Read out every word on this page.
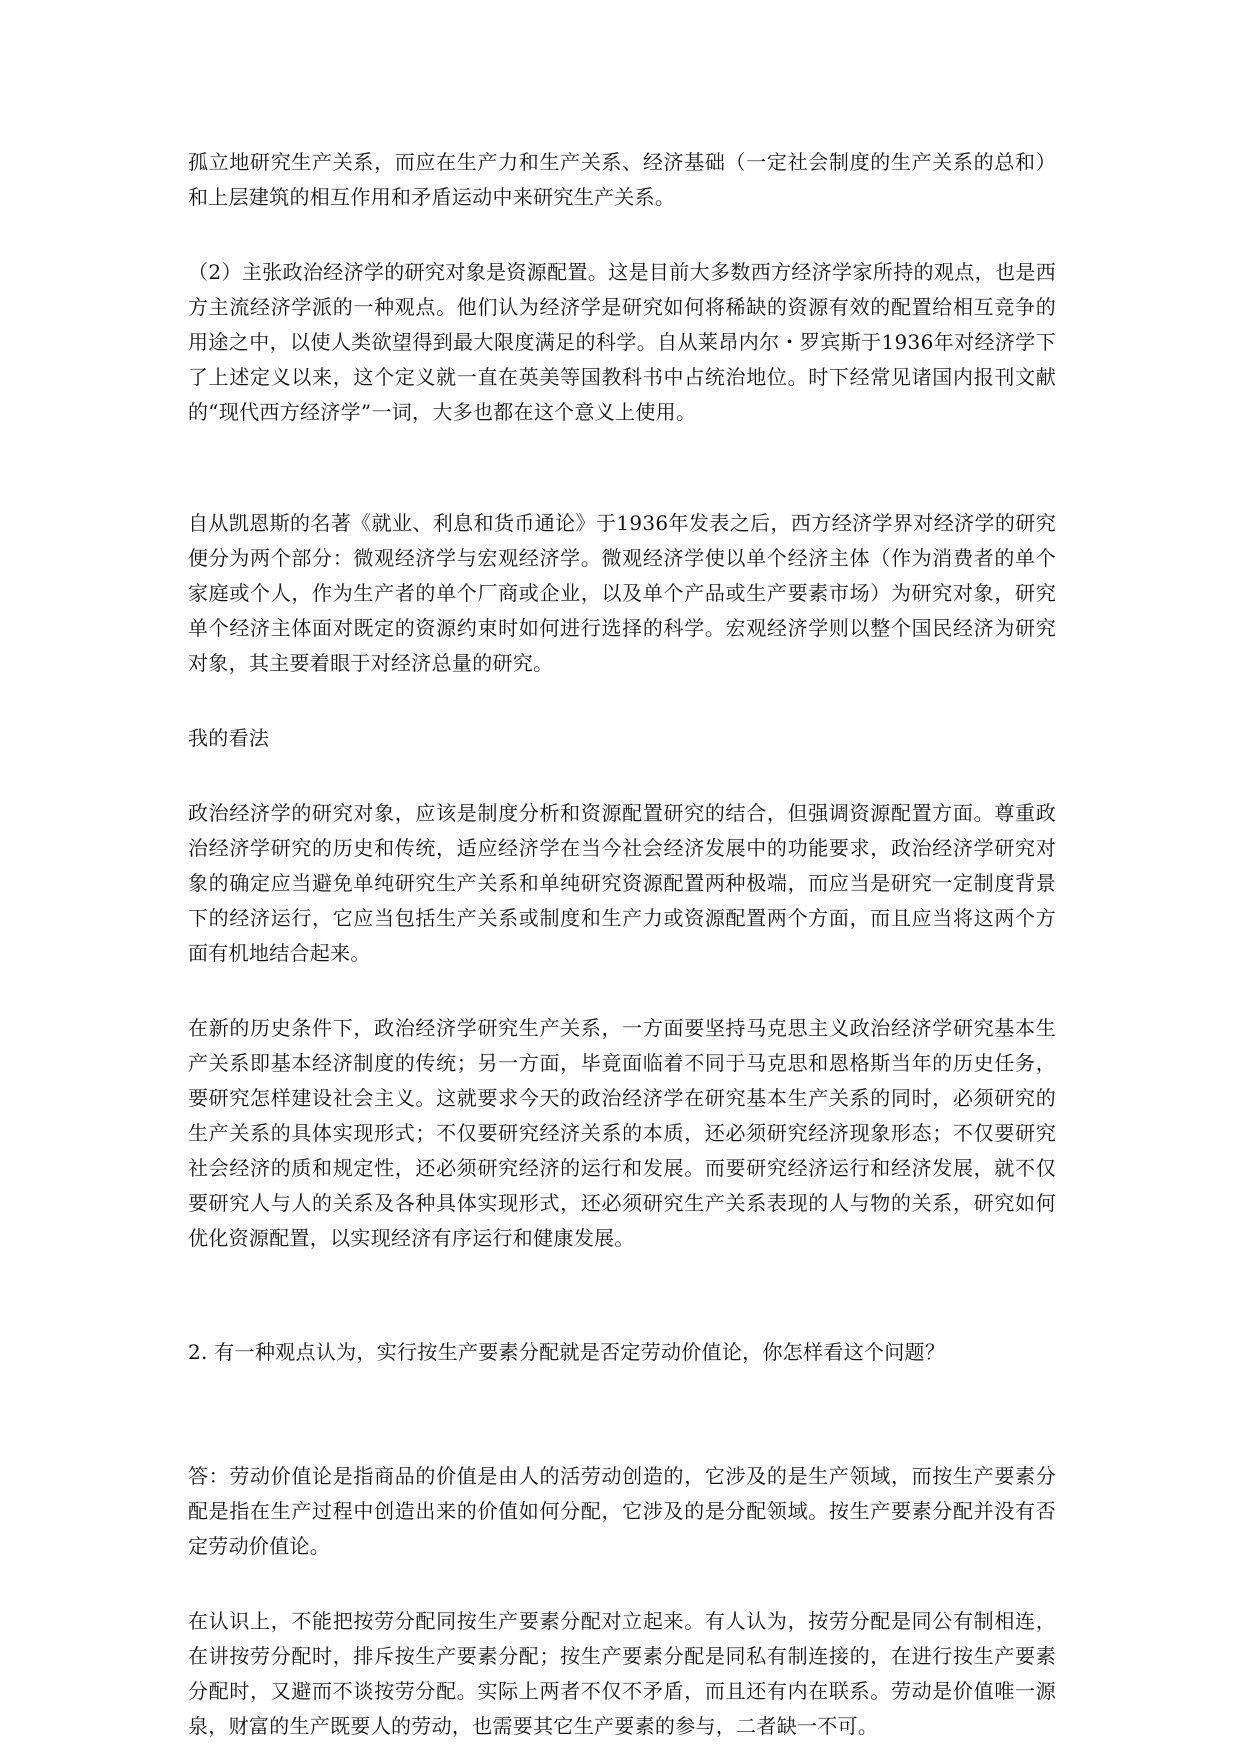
孤立地研究生产关系，而应在生产力和生产关系、经济基础（一定社会制度的生产关系的总和）和上层建筑的相互作用和矛盾运动中来研究生产关系。

（2）主张政治经济学的研究对象是资源配置。这是目前大多数西方经济学家所持的观点，也是西方主流经济学派的一种观点。他们认为经济学是研究如何将稀缺的资源有效的配置给相互竞争的用途之中，以使人类欲望得到最大限度满足的科学。自从莱昂内尔・罗宾斯于1936年对经济学下了上述定义以来，这个定义就一直在英美等国教科书中占统治地位。时下经常见诸国内报刊文献的“现代西方经济学”一词，大多也都在这个意义上使用。

自从凯恩斯的名著《就业、利息和货币通论》于1936年发表之后，西方经济学界对经济学的研究便分为两个部分：微观经济学与宏观经济学。微观经济学使以单个经济主体（作为消费者的单个家庭或个人，作为生产者的单个厂商或企业，以及单个产品或生产要素市场）为研究对象，研究单个经济主体面对既定的资源约束时如何进行选择的科学。宏观经济学则以整个国民经济为研究对象，其主要着眼于对经济总量的研究。

我的看法

政治经济学的研究对象，应该是制度分析和资源配置研究的结合，但强调资源配置方面。尊重政治经济学研究的历史和传统，适应经济学在当今社会经济发展中的功能要求，政治经济学研究对象的确定应当避免单纯研究生产关系和单纯研究资源配置两种极端，而应当是研究一定制度背景下的经济运行，它应当包括生产关系或制度和生产力或资源配置两个方面，而且应当将这两个方面有机地结合起来。

在新的历史条件下，政治经济学研究生产关系，一方面要坚持马克思主义政治经济学研究基本生产关系即基本经济制度的传统；另一方面，毕竟面临着不同于马克思和恩格斯当年的历史任务，要研究怎样建设社会主义。这就要求今天的政治经济学在研究基本生产关系的同时，必须研究的生产关系的具体实现形式；不仅要研究经济关系的本质，还必须研究经济现象形态；不仅要研究社会经济的质和规定性，还必须研究经济的运行和发展。而要研究经济运行和经济发展，就不仅要研究人与人的关系及各种具体实现形式，还必须研究生产关系表现的人与物的关系，研究如何优化资源配置，以实现经济有序运行和健康发展。

2. 有一种观点认为，实行按生产要素分配就是否定劳动价值论，你怎样看这个问题？

答：劳动价值论是指商品的价值是由人的活劳动创造的，它涉及的是生产领域，而按生产要素分配是指在生产过程中创造出来的价值如何分配，它涉及的是分配领域。按生产要素分配并没有否定劳动价值论。

在认识上，不能把按劳分配同按生产要素分配对立起来。有人认为，按劳分配是同公有制相连，在讲按劳分配时，排斥按生产要素分配；按生产要素分配是同私有制连接的，在进行按生产要素分配时，又避而不谈按劳分配。实际上两者不仅不矛盾，而且还有内在联系。劳动是价值唯一源泉，财富的生产既要人的劳动，也需要其它生产要素的参与，二者缺一不可。
